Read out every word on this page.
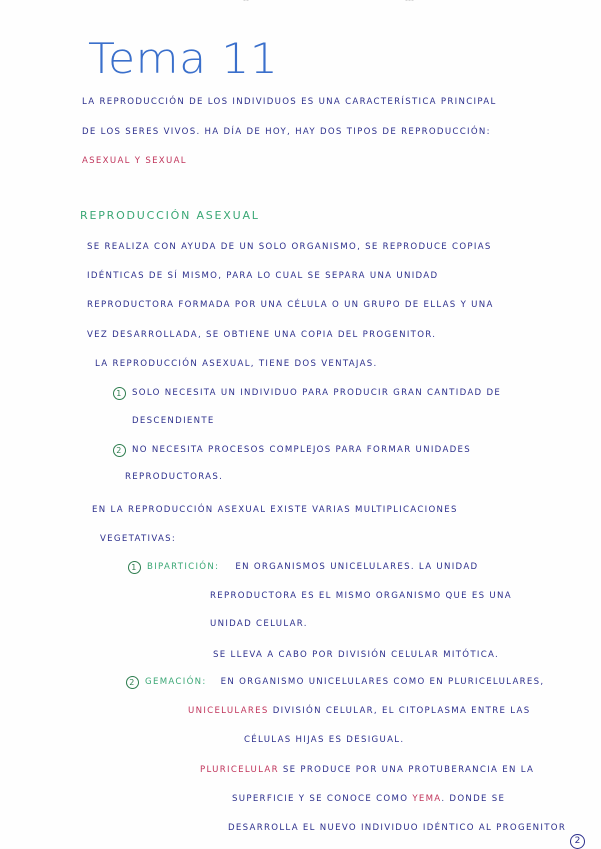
˘˘	˘˘˘
Tema 11
LA REPRODUCCIÓN DE LOS INDIVIDUOS ES UNA CARACTERÍSTICA PRINCIPAL
DE LOS SERES VIVOS. HA DÍA DE HOY, HAY DOS TIPOS DE REPRODUCCIÓN:
ASEXUAL Y SEXUAL
REPRODUCCIÓN ASEXUAL
SE REALIZA CON AYUDA DE UN SOLO ORGANISMO, SE REPRODUCE COPIAS
IDÉNTICAS DE SÍ MISMO, PARA LO CUAL SE SEPARA UNA UNIDAD
REPRODUCTORA FORMADA POR UNA CÉLULA O UN GRUPO DE ELLAS Y UNA
VEZ DESARROLLADA, SE OBTIENE UNA COPIA DEL PROGENITOR.
LA REPRODUCCIÓN ASEXUAL, TIENE DOS VENTAJAS.
1 SOLO NECESITA UN INDIVIDUO PARA PRODUCIR GRAN CANTIDAD DE
DESCENDIENTE
2 NO NECESITA PROCESOS COMPLEJOS PARA FORMAR UNIDADES
REPRODUCTORAS.
EN LA REPRODUCCIÓN ASEXUAL EXISTE VARIAS MULTIPLICACIONES
VEGETATIVAS:
1 BIPARTICIÓN: EN ORGANISMOS UNICELULARES. LA UNIDAD
REPRODUCTORA ES EL MISMO ORGANISMO QUE ES UNA
UNIDAD CELULAR.
SE LLEVA A CABO POR DIVISIÓN CELULAR MITÓTICA.
2 GEMACIÓN: EN ORGANISMO UNICELULARES COMO EN PLURICELULARES,
UNICELULARES DIVISIÓN CELULAR, EL CITOPLASMA ENTRE LAS
CÉLULAS HIJAS ES DESIGUAL.
PLURICELULAR SE PRODUCE POR UNA PROTUBERANCIA EN LA
SUPERFICIE Y SE CONOCE COMO YEMA. DONDE SE
DESARROLLA EL NUEVO INDIVIDUO IDÉNTICO AL PROGENITOR
2
